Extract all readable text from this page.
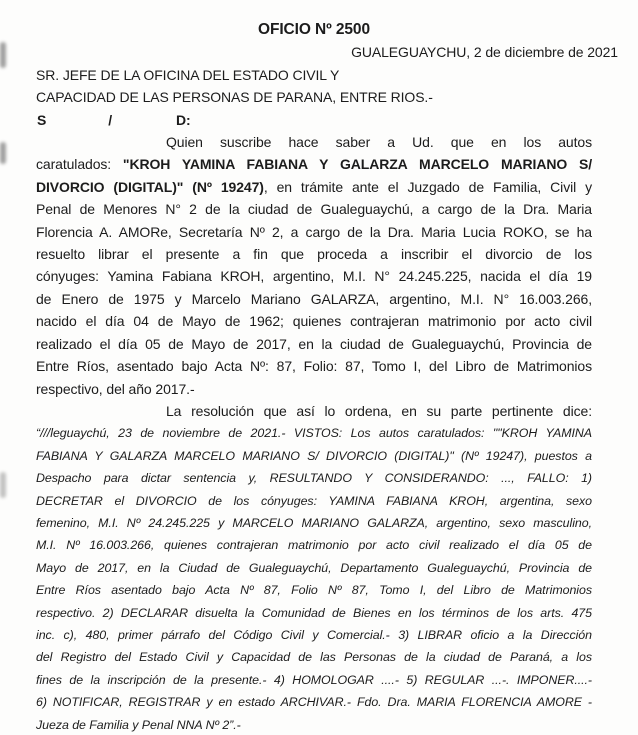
OFICIO Nº 2500
GUALEGUAYCHU, 2 de diciembre de 2021
SR. JEFE DE LA OFICINA DEL ESTADO CIVIL Y
CAPACIDAD DE LAS PERSONAS DE PARANA, ENTRE RIOS.-
S	/	D:
Quien suscribe hace saber a Ud. que en los autos
caratulados: "KROH YAMINA FABIANA Y GALARZA MARCELO MARIANO S/
DIVORCIO (DIGITAL)" (Nº 19247), en trámite ante el Juzgado de Familia, Civil y
Penal de Menores N° 2 de la ciudad de Gualeguaychú, a cargo de la Dra. Maria
Florencia A. AMORe, Secretaría Nº 2, a cargo de la Dra. Maria Lucia ROKO, se ha
resuelto librar el presente a fin que proceda a inscribir el divorcio de los
cónyuges: Yamina Fabiana KROH, argentino, M.I. N° 24.245.225, nacida el día 19
de Enero de 1975 y Marcelo Mariano GALARZA, argentino, M.I. N° 16.003.266,
nacido el día 04 de Mayo de 1962; quienes contrajeran matrimonio por acto civil
realizado el día 05 de Mayo de 2017, en la ciudad de Gualeguaychú, Provincia de
Entre Ríos, asentado bajo Acta Nº: 87, Folio: 87, Tomo I, del Libro de Matrimonios
respectivo, del año 2017.-
La resolución que así lo ordena, en su parte pertinente dice:
“///leguaychú, 23 de noviembre de 2021.- VISTOS: Los autos caratulados: ""KROH YAMINA
FABIANA Y GALARZA MARCELO MARIANO S/ DIVORCIO (DIGITAL)" (Nº 19247), puestos a
Despacho para dictar sentencia y, RESULTANDO Y CONSIDERANDO: ..., FALLO: 1)
DECRETAR el DIVORCIO de los cónyuges: YAMINA FABIANA KROH, argentina, sexo
femenino, M.I. Nº 24.245.225 y MARCELO MARIANO GALARZA, argentino, sexo masculino,
M.I. Nº 16.003.266, quienes contrajeran matrimonio por acto civil realizado el día 05 de
Mayo de 2017, en la Ciudad de Gualeguaychú, Departamento Gualeguaychú, Provincia de
Entre Ríos asentado bajo Acta Nº 87, Folio Nº 87, Tomo I, del Libro de Matrimonios
respectivo. 2) DECLARAR disuelta la Comunidad de Bienes en los términos de los arts. 475
inc. c), 480, primer párrafo del Código Civil y Comercial.- 3) LIBRAR oficio a la Dirección
del Registro del Estado Civil y Capacidad de las Personas de la ciudad de Paraná, a los
fines de la inscripción de la presente.- 4) HOMOLOGAR ....- 5) REGULAR ...-. IMPONER....-
6) NOTIFICAR, REGISTRAR y en estado ARCHIVAR.- Fdo. Dra. MARIA FLORENCIA AMORE -
Jueza de Familia y Penal NNA Nº 2”.-
